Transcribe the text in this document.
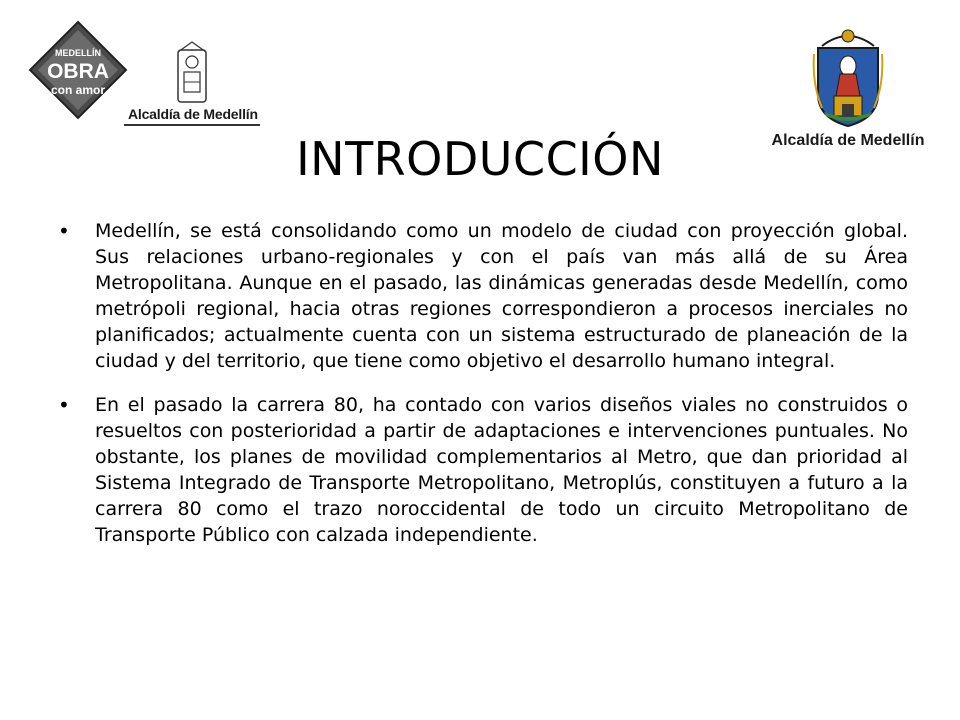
MEDELLÍN
OBRA
con amor
Alcaldía de Medellín
Alcaldía de Medellín
INTRODUCCIÓN
• Medellín, se está consolidando como un modelo de ciudad con proyección global. Sus relaciones urbano-regionales y con el país van más allá de su Área Metropolitana. Aunque en el pasado, las dinámicas generadas desde Medellín, como metrópoli regional, hacia otras regiones correspondieron a procesos inerciales no planificados; actualmente cuenta con un sistema estructurado de planeación de la ciudad y del territorio, que tiene como objetivo el desarrollo humano integral.
• En el pasado la carrera 80, ha contado con varios diseños viales no construidos o resueltos con posterioridad a partir de adaptaciones e intervenciones puntuales. No obstante, los planes de movilidad complementarios al Metro, que dan prioridad al Sistema Integrado de Transporte Metropolitano, Metroplús, constituyen a futuro a la carrera 80 como el trazo noroccidental de todo un circuito Metropolitano de Transporte Público con calzada independiente.
